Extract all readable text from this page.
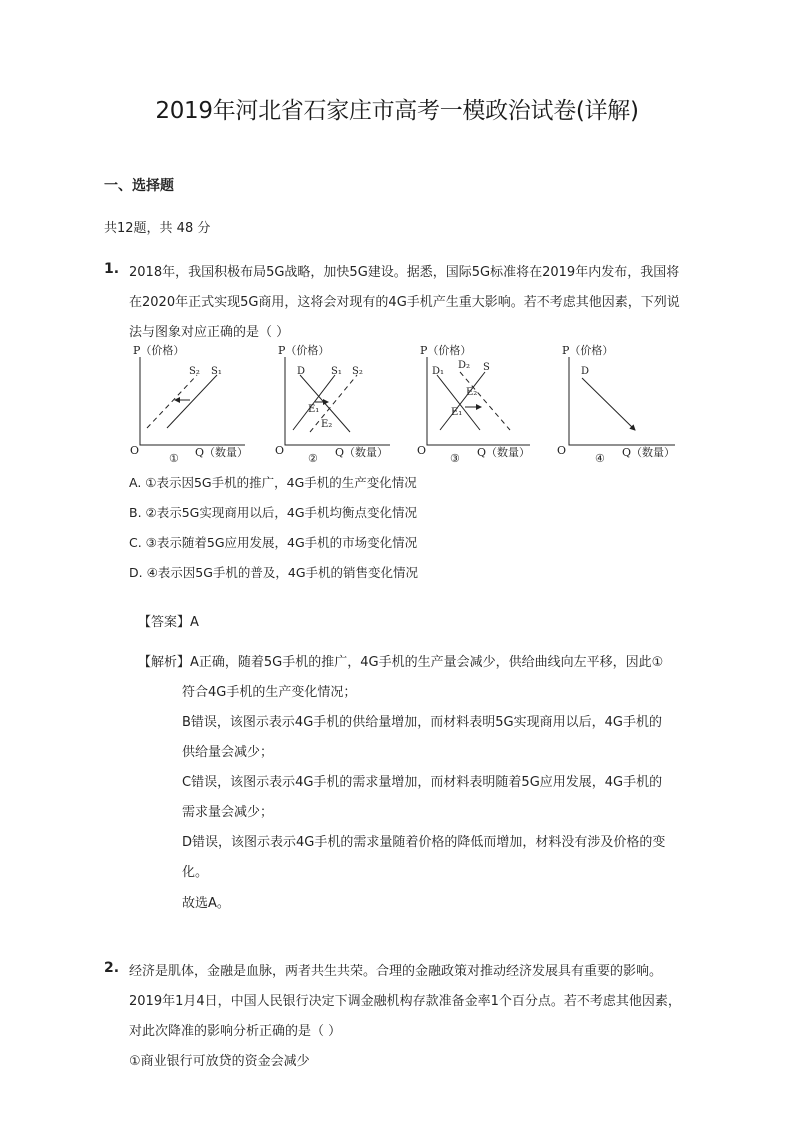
2019年河北省石家庄市高考一模政治试卷(详解)
一、选择题
共12题，共 48 分
1. 2018年，我国积极布局5G战略，加快5G建设。据悉，国际5G标准将在2019年内发布，我国将
在2020年正式实现5G商用，这将会对现有的4G手机产生重大影响。若不考虑其他因素，下列说
法与图象对应正确的是（ ）
P（价格）
S₂ S₁
O
① Q（数量）
P（价格）
D	S₁ S₂
E₁
E₂
O
② Q（数量）
P（价格）
D₁
D₂ S
E₂
E₁
O
③ Q（数量）
P（价格）
D
O
④ Q（数量）
A. ①表示因5G手机的推广，4G手机的生产变化情况
B. ②表示5G实现商用以后，4G手机均衡点变化情况
C. ③表示随着5G应用发展，4G手机的市场变化情况
D. ④表示因5G手机的普及，4G手机的销售变化情况
【答案】A
【解析】 A正确，随着5G手机的推广，4G手机的生产量会减少，供给曲线向左平移，因此①
符合4G手机的生产变化情况；
B错误，该图示表示4G手机的供给量增加，而材料表明5G实现商用以后，4G手机的
供给量会减少；
C错误，该图示表示4G手机的需求量增加，而材料表明随着5G应用发展，4G手机的
需求量会减少；
D错误，该图示表示4G手机的需求量随着价格的降低而增加，材料没有涉及价格的变
化。
故选A。
2. 经济是肌体，金融是血脉，两者共生共荣。合理的金融政策对推动经济发展具有重要的影响。
2019年1月4日，中国人民银行决定下调金融机构存款准备金率1个百分点。若不考虑其他因素，
对此次降准的影响分析正确的是（ ）
①商业银行可放贷的资金会减少
